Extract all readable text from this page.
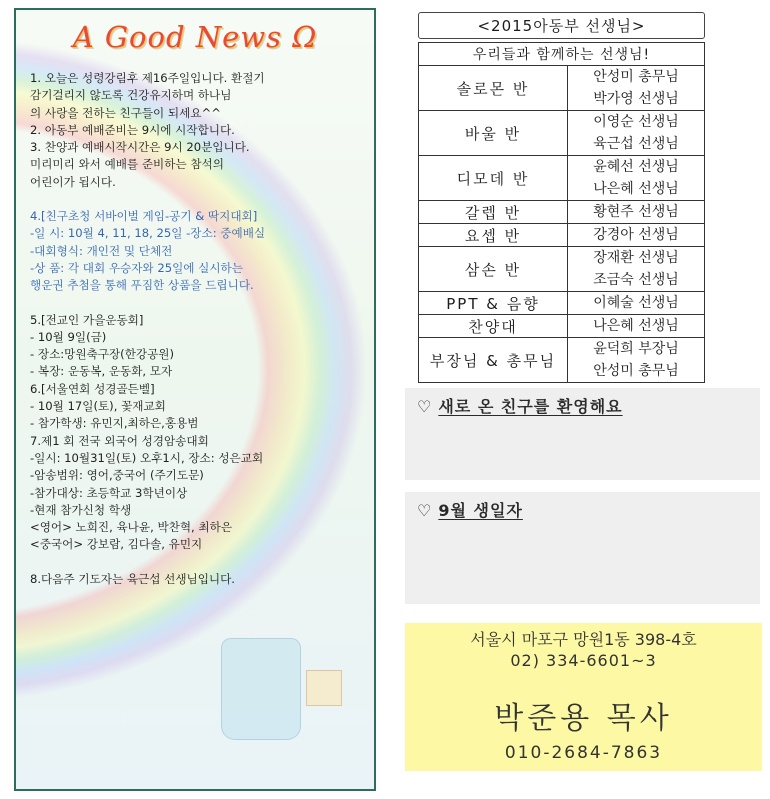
A Good News Ω
1. 오늘은 성령강림후 제16주일입니다. 환절기
감기걸리지 않도록 건강유지하며 하나님
의 사랑을 전하는 친구들이 되세요^^
2. 아동부 예배준비는 9시에 시작합니다.
3. 찬양과 예배시작시간은 9시 20분입니다.
미리미리 와서 예배를 준비하는 참석의
어린이가 됩시다.
4.[친구초청 서바이벌 게임-공기 & 딱지대회]
-일 시: 10월 4, 11, 18, 25일 -장소: 중예배실
-대회형식: 개인전 및 단체전
-상 품: 각 대회 우승자와 25일에 실시하는
행운권 추첨을 통해 푸짐한 상품을 드립니다.
5.[전교인 가을운동회]
- 10월 9일(금)
- 장소:망원축구장(한강공원)
- 복장: 운동복, 운동화, 모자
6.[서울연회 성경골든벨]
- 10월 17일(토), 꽃재교회
- 참가학생: 유민지,최하은,홍용범
7.제1 회 전국 외국어 성경암송대회
-일시: 10월31일(토) 오후1시, 장소: 성은교회
-암송범위: 영어,중국어 (주기도문)
-참가대상: 초등학교 3학년이상
-현재 참가신청 학생
<영어> 노희진, 육나윤, 박찬혁, 최하은
<중국어> 강보람, 김다솔, 유민지
8.다음주 기도자는 육근섭 선생님입니다.
<2015아동부 선생님>
우리들과 함께하는 선생님!	
솔로몬 반	안성미 총무님
박가영 선생님

바울 반	이영순 선생님
육근섭 선생님

디모데 반	윤혜선 선생님
나은혜 선생님

갈렙 반	황현주 선생님

요셉 반	강경아 선생님

삼손 반	장재환 선생님
조금숙 선생님

PPT & 음향	이혜술 선생님

찬양대	나은혜 선생님

부장님 & 총무님	윤덕희 부장님
안성미 총무님
♡ 새로 온 친구를 환영해요
♡ 9월 생일자
서울시 마포구 망원1동 398-4호
02) 334-6601~3
박준용 목사
010-2684-7863
